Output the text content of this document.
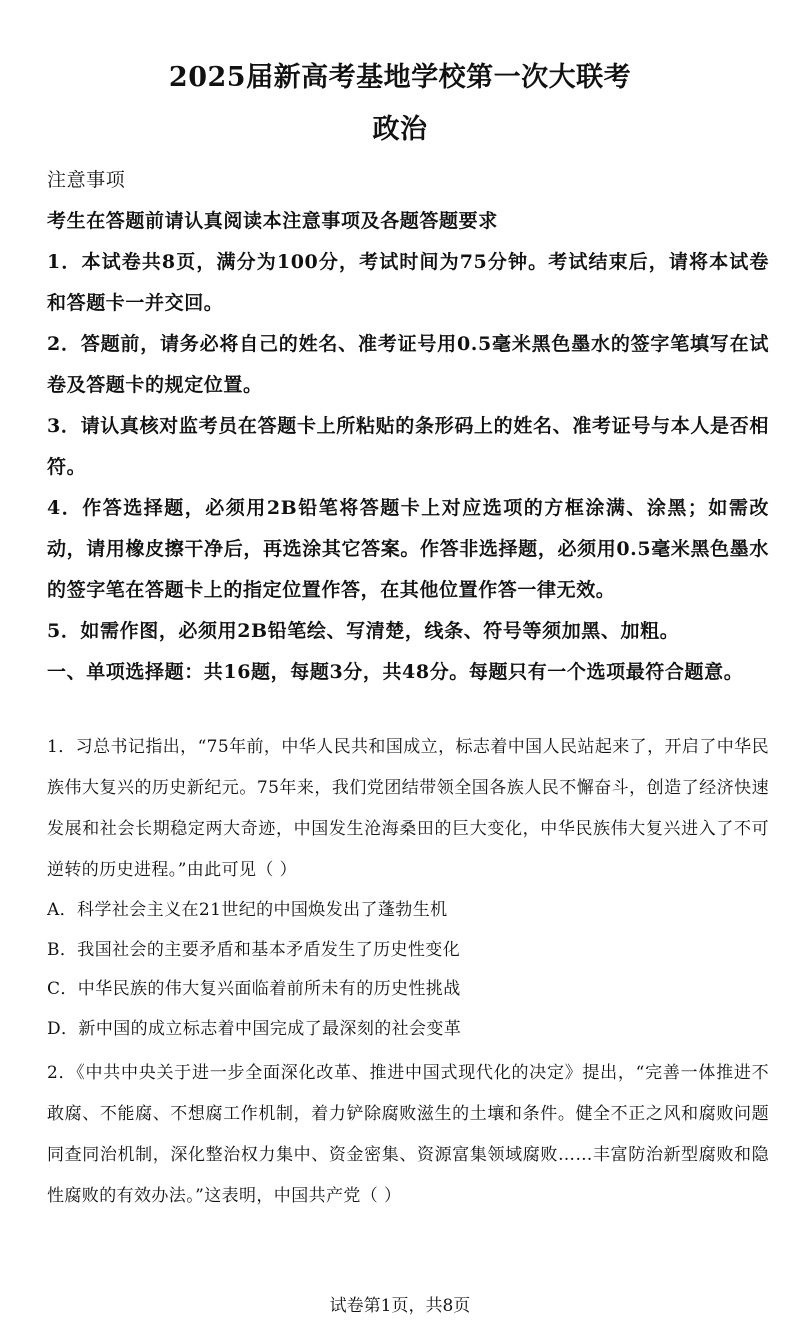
2025届新高考基地学校第一次大联考
政治

注意事项

考生在答题前请认真阅读本注意事项及各题答题要求

1．本试卷共8页，满分为100分，考试时间为75分钟。考试结束后，请将本试卷和答题卡一并交回。

2．答题前，请务必将自己的姓名、准考证号用0.5毫米黑色墨水的签字笔填写在试卷及答题卡的规定位置。

3．请认真核对监考员在答题卡上所粘贴的条形码上的姓名、准考证号与本人是否相符。

4．作答选择题，必须用2B铅笔将答题卡上对应选项的方框涂满、涂黑；如需改动，请用橡皮擦干净后，再选涂其它答案。作答非选择题，必须用0.5毫米黑色墨水的签字笔在答题卡上的指定位置作答，在其他位置作答一律无效。

5．如需作图，必须用2B铅笔绘、写清楚，线条、符号等须加黑、加粗。

一、单项选择题：共16题，每题3分，共48分。每题只有一个选项最符合题意。

1．习总书记指出，“75年前，中华人民共和国成立，标志着中国人民站起来了，开启了中华民族伟大复兴的历史新纪元。75年来，我们党团结带领全国各族人民不懈奋斗，创造了经济快速发展和社会长期稳定两大奇迹，中国发生沧海桑田的巨大变化，中华民族伟大复兴进入了不可逆转的历史进程。”由此可见（ ）

A．科学社会主义在21世纪的中国焕发出了蓬勃生机

B．我国社会的主要矛盾和基本矛盾发生了历史性变化

C．中华民族的伟大复兴面临着前所未有的历史性挑战

D．新中国的成立标志着中国完成了最深刻的社会变革

2．《中共中央关于进一步全面深化改革、推进中国式现代化的决定》提出，“完善一体推进不敢腐、不能腐、不想腐工作机制，着力铲除腐败滋生的土壤和条件。健全不正之风和腐败问题同查同治机制，深化整治权力集中、资金密集、资源富集领域腐败……丰富防治新型腐败和隐性腐败的有效办法。”这表明，中国共产党（ ）

试卷第1页，共8页
